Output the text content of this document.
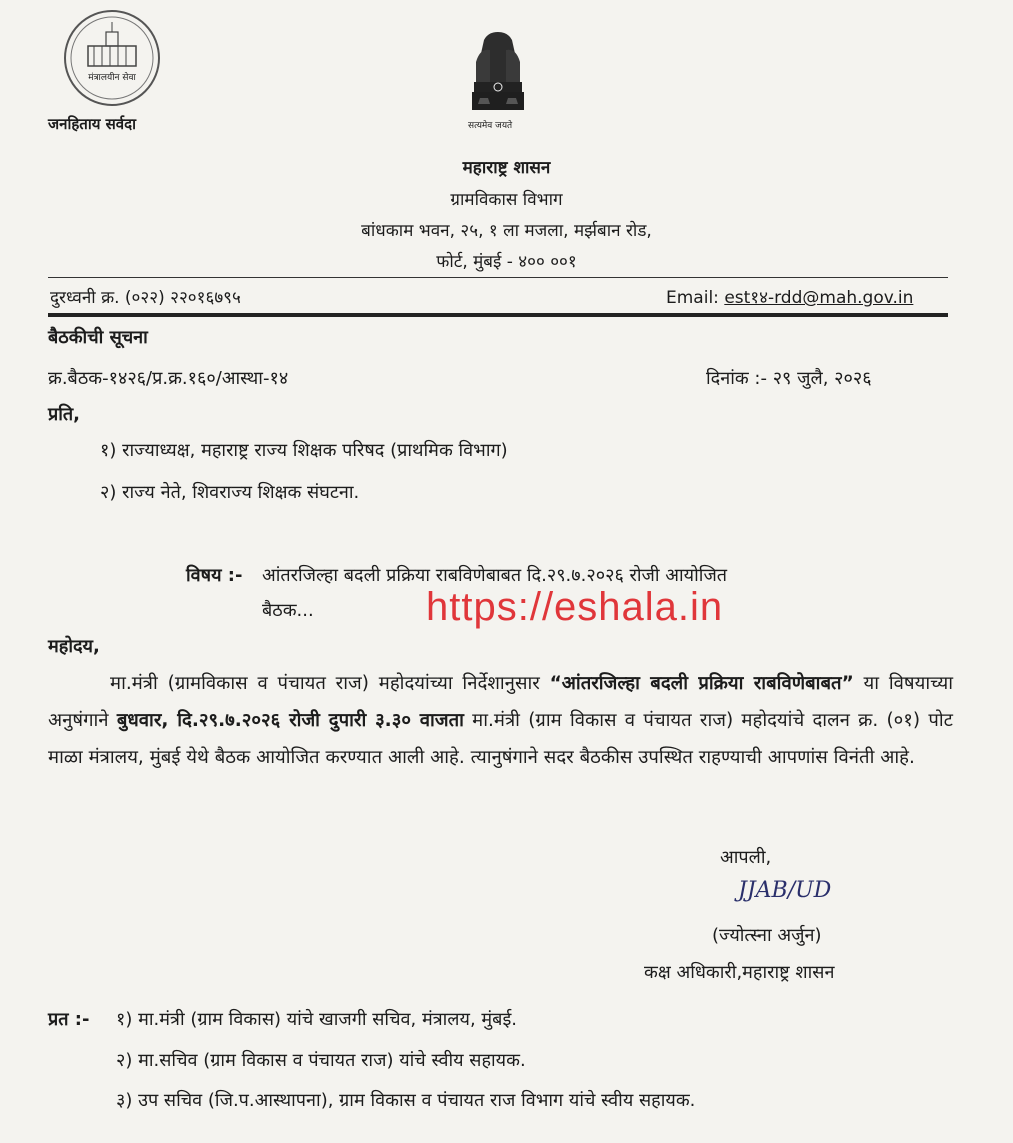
मंत्रालयीन सेवा
जनहिताय सर्वदा	सत्यमेव जयते
महाराष्ट्र शासन
ग्रामविकास विभाग
बांधकाम भवन, २५, १ ला मजला, मर्झबान रोड,
फोर्ट, मुंबई - ४०० ००१
दुरध्वनी क्र. (०२२) २२०१६७९५	Email: est१४-rdd@mah.gov.in
बैठकीची सूचना
क्र.बैठक-१४२६/प्र.क्र.१६०/आस्था-१४	दिनांक :- २९ जुलै, २०२६
प्रति,
१) राज्याध्यक्ष, महाराष्ट्र राज्य शिक्षक परिषद (प्राथमिक विभाग)
२) राज्य नेते, शिवराज्य शिक्षक संघटना.
विषय :- आंतरजिल्हा बदली प्रक्रिया राबविणेबाबत दि.२९.७.२०२६ रोजी आयोजित
बैठक...	https://eshala.in
महोदय,
मा.मंत्री (ग्रामविकास व पंचायत राज) महोदयांच्या निर्देशानुसार “आंतरजिल्हा बदली प्रक्रिया राबविणेबाबत” या विषयाच्या अनुषंगाने बुधवार, दि.२९.७.२०२६ रोजी दुपारी ३.३० वाजता मा.मंत्री (ग्राम विकास व पंचायत राज) महोदयांचे दालन क्र. (०१) पोट माळा मंत्रालय, मुंबई येथे बैठक आयोजित करण्यात आली आहे. त्यानुषंगाने सदर बैठकीस उपस्थित राहण्याची आपणांस विनंती आहे.
आपली,
JJAB/UD
(ज्योत्स्ना अर्जुन)
कक्ष अधिकारी,महाराष्ट्र शासन
प्रत :- १) मा.मंत्री (ग्राम विकास) यांचे खाजगी सचिव, मंत्रालय, मुंबई.
२) मा.सचिव (ग्राम विकास व पंचायत राज) यांचे स्वीय सहायक.
३) उप सचिव (जि.प.आस्थापना), ग्राम विकास व पंचायत राज विभाग यांचे स्वीय सहायक.
